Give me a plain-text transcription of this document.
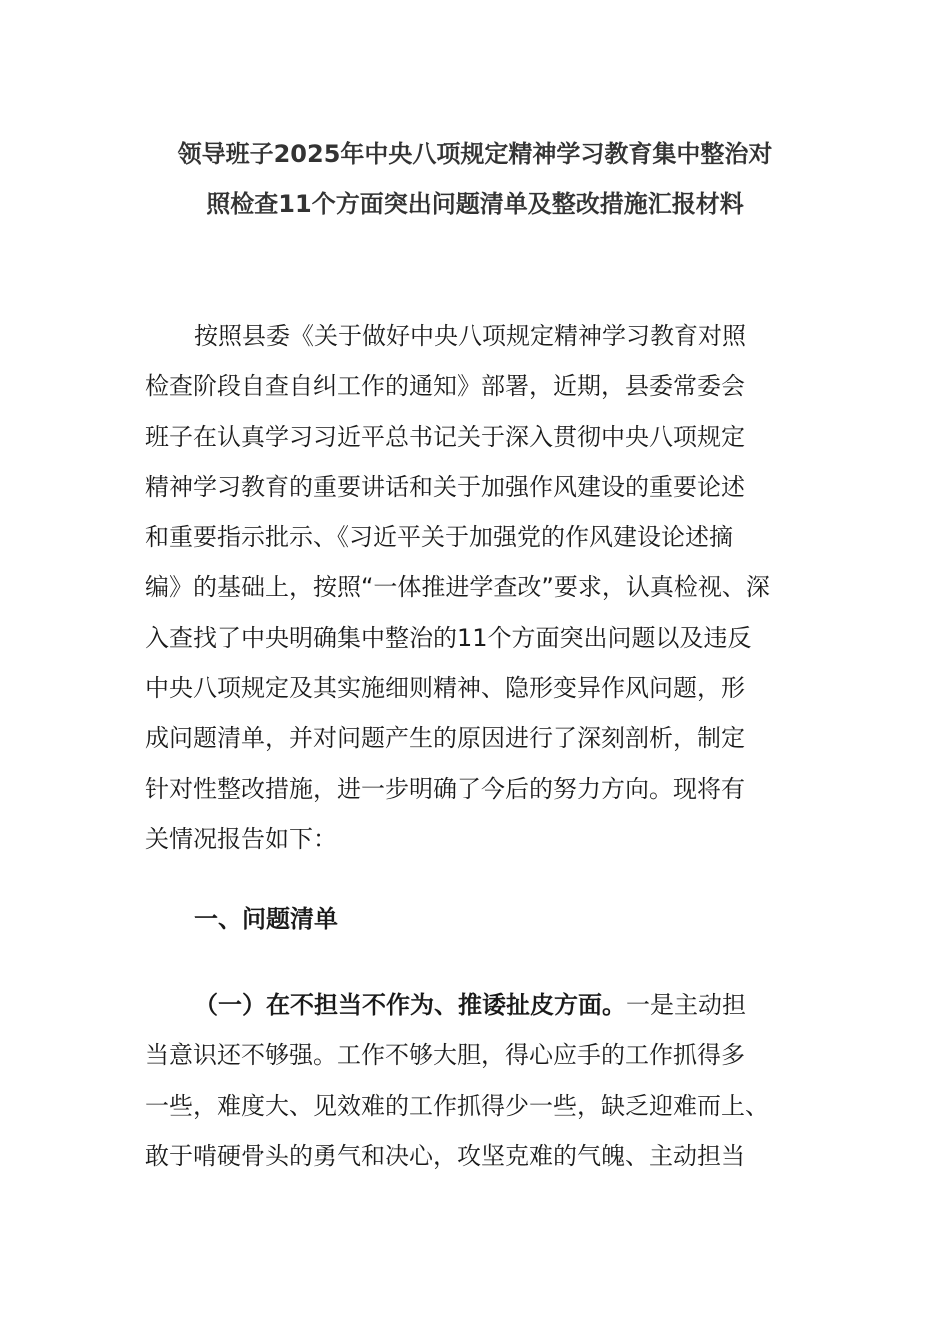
领导班子2025年中央八项规定精神学习教育集中整治对
照检查11个方面突出问题清单及整改措施汇报材料
按照县委《关于做好中央八项规定精神学习教育对照
检查阶段自查自纠工作的通知》部署，近期，县委常委会
班子在认真学习习近平总书记关于深入贯彻中央八项规定
精神学习教育的重要讲话和关于加强作风建设的重要论述
和重要指示批示、《习近平关于加强党的作风建设论述摘
编》的基础上，按照“一体推进学查改”要求，认真检视、深
入查找了中央明确集中整治的11个方面突出问题以及违反
中央八项规定及其实施细则精神、隐形变异作风问题，形
成问题清单，并对问题产生的原因进行了深刻剖析，制定
针对性整改措施，进一步明确了今后的努力方向。现将有
关情况报告如下：
一、问题清单
（一）在不担当不作为、推诿扯皮方面。一是主动担
当意识还不够强。工作不够大胆，得心应手的工作抓得多
一些，难度大、见效难的工作抓得少一些，缺乏迎难而上、
敢于啃硬骨头的勇气和决心，攻坚克难的气魄、主动担当
